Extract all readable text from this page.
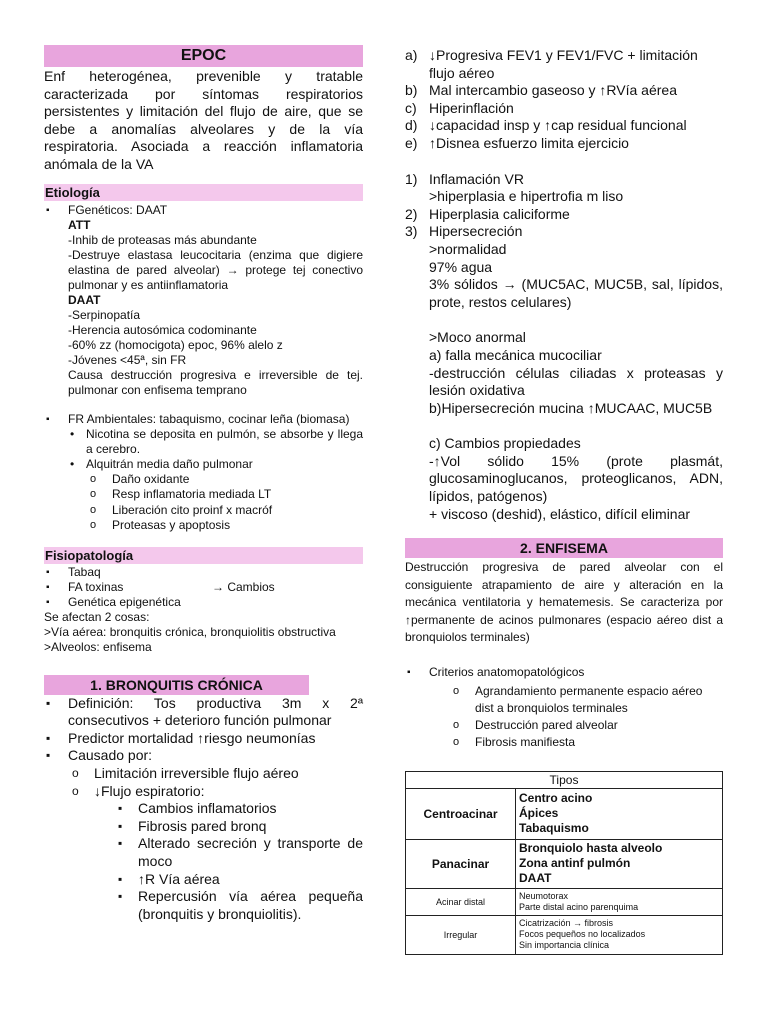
EPOC
Enf heterogénea, prevenible y tratable caracterizada por síntomas respiratorios persistentes y limitación del flujo de aire, que se debe a anomalías alveolares y de la vía respiratoria. Asociada a reacción inflamatoria anómala de la VA
Etiología
▪ FGenéticos: DAAT
ATT
-Inhib de proteasas más abundante
-Destruye elastasa leucocitaria (enzima que digiere elastina de pared alveolar) → protege tej conectivo pulmonar y es antiinflamatoria
DAAT
-Serpinopatía
-Herencia autosómica codominante
-60% zz (homocigota) epoc, 96% alelo z
-Jóvenes <45ª, sin FR
Causa destrucción progresiva e irreversible de tej. pulmonar con enfisema temprano
▪ FR Ambientales: tabaquismo, cocinar leña (biomasa)
• Nicotina se deposita en pulmón, se absorbe y llega a cerebro.
• Alquitrán media daño pulmonar
o Daño oxidante
o Resp inflamatoria mediada LT
o Liberación cito proinf x macróf
o Proteasas y apoptosis
Fisiopatología
▪ Tabaq
▪ FA toxinas	→ Cambios
▪ Genética epigenética
Se afectan 2 cosas:
>Vía aérea: bronquitis crónica, bronquiolitis obstructiva
>Alveolos: enfisema
1. BRONQUITIS CRÓNICA
▪ Definición: Tos productiva 3m x 2ª consecutivos + deterioro función pulmonar
▪ Predictor mortalidad ↑riesgo neumonías
▪ Causado por:
o Limitación irreversible flujo aéreo
o ↓Flujo espiratorio:
▪ Cambios inflamatorios
▪ Fibrosis pared bronq
▪ Alterado secreción y transporte de moco
▪ ↑R Vía aérea
▪ Repercusión vía aérea pequeña (bronquitis y bronquiolitis).
a) ↓Progresiva FEV1 y FEV1/FVC + limitación flujo aéreo
b) Mal intercambio gaseoso y ↑RVía aérea
c) Hiperinflación
d) ↓capacidad insp y ↑cap residual funcional
e) ↑Disnea esfuerzo limita ejercicio
1) Inflamación VR
>hiperplasia e hipertrofia m liso
2) Hiperplasia caliciforme
3) Hipersecreción
>normalidad
97% agua
3% sólidos → (MUC5AC, MUC5B, sal, lípidos, prote, restos celulares)
>Moco anormal
a) falla mecánica mucociliar
-destrucción células ciliadas x proteasas y lesión oxidativa
b)Hipersecreción mucina ↑MUCAAC, MUC5B
c) Cambios propiedades
-↑Vol sólido 15% (prote plasmát, glucosaminoglucanos, proteoglicanos, ADN, lípidos, patógenos)
+ viscoso (deshid), elástico, difícil eliminar
2. ENFISEMA
Destrucción progresiva de pared alveolar con el consiguiente atrapamiento de aire y alteración en la mecánica ventilatoria y hematemesis. Se caracteriza por ↑permanente de acinos pulmonares (espacio aéreo dist a bronquiolos terminales)
▪ Criterios anatomopatológicos
o Agrandamiento permanente espacio aéreo dist a bronquiolos terminales
o Destrucción pared alveolar
o Fibrosis manifiesta
Tipos	
Centroacinar	Centro acino
Ápices
Tabaquismo

Panacinar	Bronquiolo hasta alveolo
Zona antinf pulmón
DAAT

Acinar distal	Neumotorax
Parte distal acino parenquima

Irregular	Cicatrización → fibrosis
Focos pequeños no localizados
Sin importancia clínica
